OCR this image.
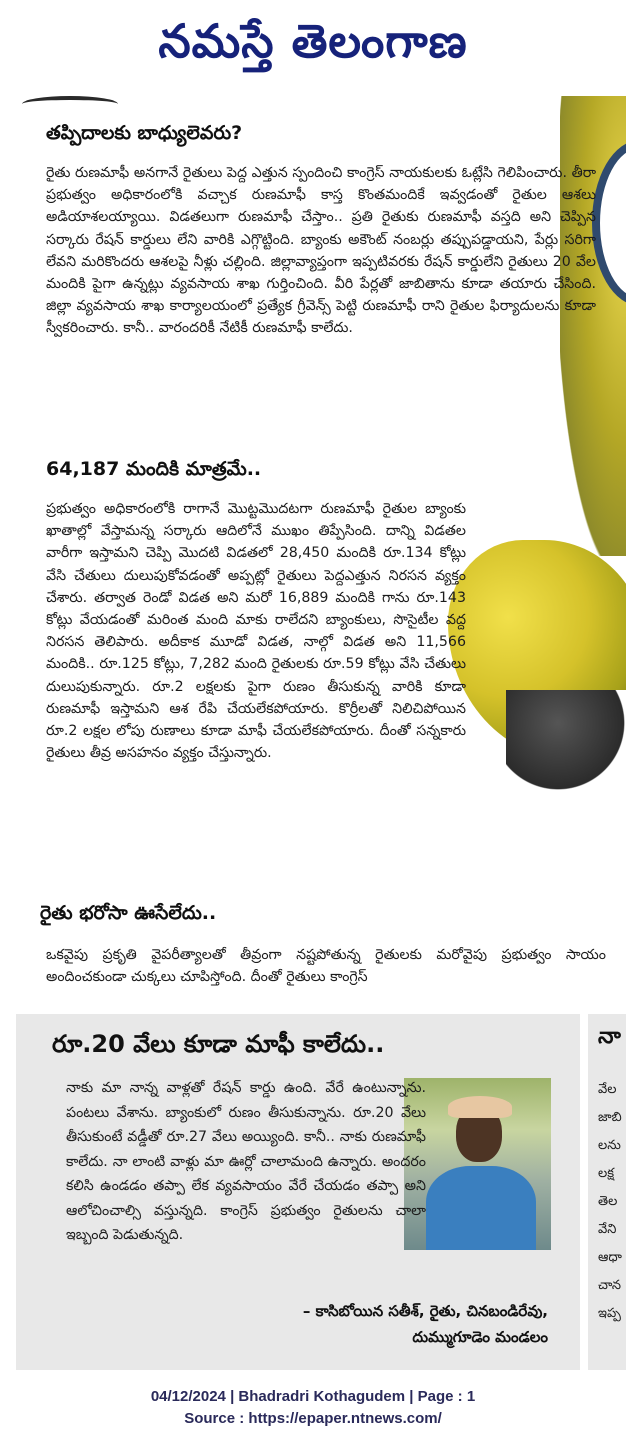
నమస్తే తెలంగాణ
తప్పిదాలకు బాధ్యులెవరు?

రైతు రుణమాఫీ అనగానే రైతులు పెద్ద ఎత్తున స్పందించి కాంగ్రెస్‌ నాయకులకు ఓట్లేసి గెలిపించారు. తీరా ప్రభుత్వం అధికారంలోకి వచ్చాక రుణమాఫీ కాస్త కొంతమందికే ఇవ్వడంతో రైతుల ఆశలు అడియాశలయ్యాయి. విడతలుగా రుణమాఫీ చేస్తాం.. ప్రతి రైతుకు రుణమాఫీ వస్తది అని చెప్పిన సర్కారు రేషన్‌ కార్డులు లేని వారికి ఎగ్గొట్టింది. బ్యాంకు అకౌంట్‌ నంబర్లు తప్పుపడ్డాయని, పేర్లు సరిగా లేవని మరికొందరు ఆశలపై నీళ్లు చల్లింది. జిల్లావ్యాప్తంగా ఇప్పటివరకు రేషన్‌ కార్డులేని రైతులు 20 వేల మందికి పైగా ఉన్నట్లు వ్యవసాయ శాఖ గుర్తించింది. వీరి పేర్లతో జాబితాను కూడా తయారు చేసింది. జిల్లా వ్యవసాయ శాఖ కార్యాలయంలో ప్రత్యేక గ్రీవెన్స్‌ పెట్టి రుణమాఫీ రాని రైతుల ఫిర్యాదులను కూడా స్వీకరించారు. కానీ.. వారందరికీ నేటికీ రుణమాఫీ కాలేదు.

64,187 మందికి మాత్రమే..

ప్రభుత్వం అధికారంలోకి రాగానే మొట్టమొదటగా రుణమాఫీ రైతుల బ్యాంకు ఖాతాల్లో వేస్తామన్న సర్కారు ఆదిలోనే ముఖం తిప్పేసింది. దాన్ని విడతల వారీగా ఇస్తామని చెప్పి మొదటి విడతలో 28,450 మందికి రూ.134 కోట్లు వేసి చేతులు దులుపుకోవడంతో అప్పట్లో రైతులు పెద్దఎత్తున నిరసన వ్యక్తం చేశారు. తర్వాత రెండో విడత అని మరో 16,889 మందికి గాను రూ.143 కోట్లు వేయడంతో మరింత మంది మాకు రాలేదని బ్యాంకులు, సొసైటీల వద్ద నిరసన తెలిపారు. అదీకాక మూడో విడత, నాల్గో విడత అని 11,566 మందికి.. రూ.125 కోట్లు, 7,282 మంది రైతులకు రూ.59 కోట్లు వేసి చేతులు దులుపుకున్నారు. రూ.2 లక్షలకు పైగా రుణం తీసుకున్న వారికి కూడా రుణమాఫీ ఇస్తామని ఆశ రేపి చేయలేకపోయారు. కొర్రీలతో నిలిచిపోయిన రూ.2 లక్షల లోపు రుణాలు కూడా మాఫీ చేయలేకపోయారు. దీంతో సన్నకారు రైతులు తీవ్ర అసహనం వ్యక్తం చేస్తున్నారు.

రైతు భరోసా ఊసేలేదు..

ఒకవైపు ప్రకృతి వైపరీత్యాలతో తీవ్రంగా నష్టపోతున్న రైతులకు మరోవైపు ప్రభుత్వం సాయం అందించకుండా చుక్కలు చూపిస్తోంది. దీంతో రైతులు కాంగ్రెస్‌

రూ.20 వేలు కూడా మాఫీ కాలేదు..

నాకు మా నాన్న వాళ్లతో రేషన్‌ కార్డు ఉంది. వేరే ఉంటున్నాను. పంటలు వేశాను. బ్యాంకులో రుణం తీసుకున్నాను. రూ.20 వేలు తీసుకుంటే వడ్డీతో రూ.27 వేలు అయ్యింది. కానీ.. నాకు రుణమాఫీ కాలేదు. నా లాంటి వాళ్లు మా ఊర్లో చాలామంది ఉన్నారు. అందరం కలిసి ఉండడం తప్పా లేక వ్యవసాయం వేరే చేయడం తప్పా అని ఆలోచించాల్సి వస్తున్నది. కాంగ్రెస్‌ ప్రభుత్వం రైతులను చాలా ఇబ్బంది పెడుతున్నది.

– కాసిబోయిన సతీశ్‌, రైతు, చినబండిరేవు,
దుమ్ముగూడెం మండలం
నా
వేల
జాబి
లను
లక్ష
తెల
వేని
ఆధా
చాన
ఇప్ప
04/12/2024 | Bhadradri Kothagudem | Page : 1
Source : https://epaper.ntnews.com/
